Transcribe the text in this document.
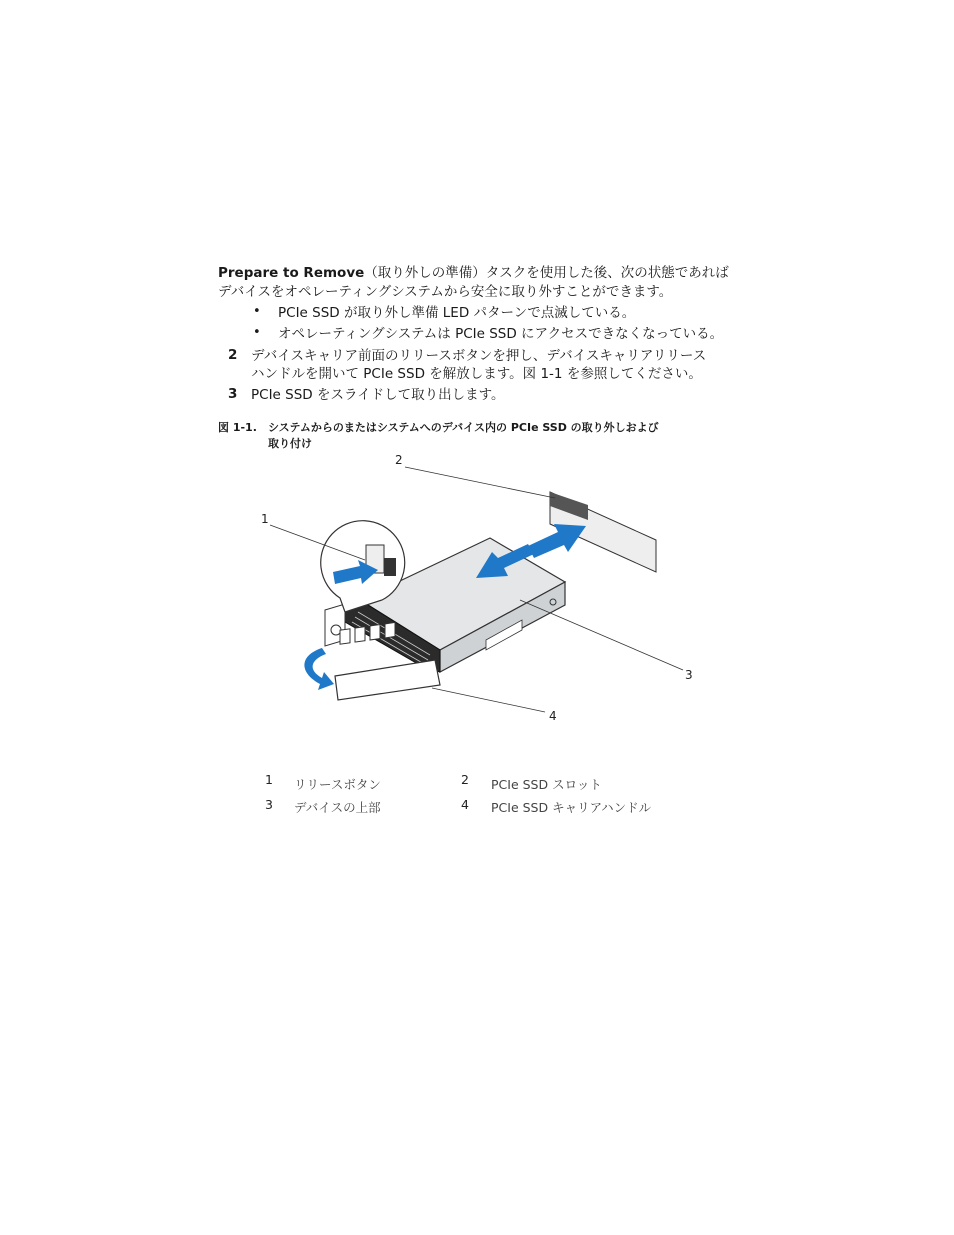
Prepare to Remove（取り外しの準備）タスクを使用した後、次の状態であれば
デバイスをオペレーティングシステムから安全に取り外すことができます。
• PCIe SSD が取り外し準備 LED パターンで点滅している。
• オペレーティングシステムは PCIe SSD にアクセスできなくなっている。
2 デバイスキャリア前面のリリースボタンを押し、デバイスキャリアリリース
ハンドルを開いて PCIe SSD を解放します。図 1-1 を参照してください。
3 PCIe SSD をスライドして取り出します。
図 1-1. システムからのまたはシステムへのデバイス内の PCIe SSD の取り外しおよび
取り付け
1
2
3
4
1 リリースボタン	2 PCIe SSD スロット
3 デバイスの上部	4 PCIe SSD キャリアハンドル
